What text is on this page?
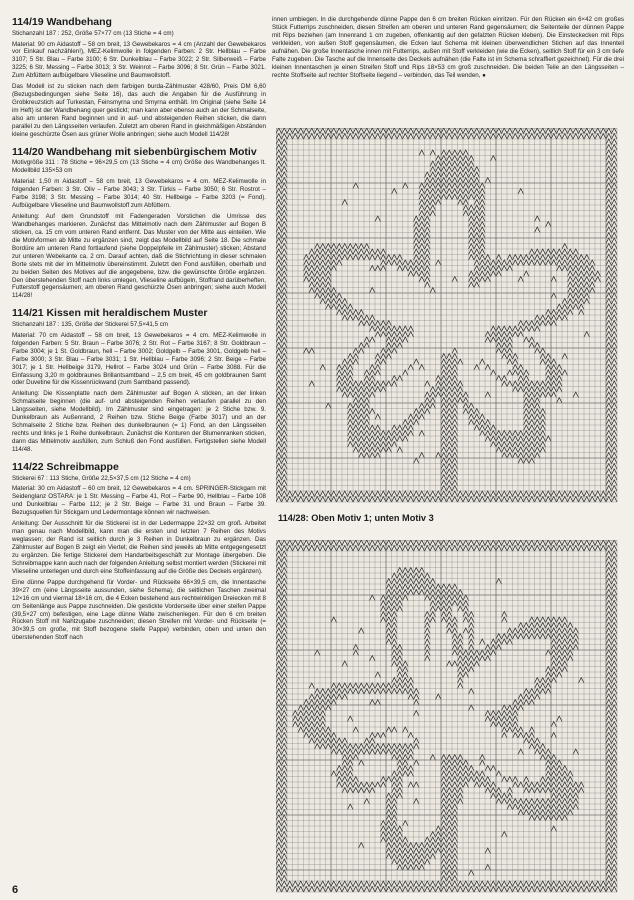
114/19 Wandbehang

Stichanzahl 187 : 252, Größe 57×77 cm (13 Stiche = 4 cm)

Material: 90 cm Aidastoff – 58 cm breit, 13 Gewebekaros = 4 cm (Anzahl der Gewebekaros vor Einkauf nachzählen!), MEZ-Kelimwolle in folgenden Farben: 2 Str. Hellblau – Farbe 3107; 5 Str. Blau – Farbe 3100; 6 Str. Dunkelblau – Farbe 3022; 2 Str. Silberweiß – Farbe 3225; 6 Str. Messing – Farbe 3013; 3 Str. Weinrot – Farbe 3096; 8 Str. Grün – Farbe 3021. Zum Abfüttern aufbügelbare Vlieseline und Baumwollstoff.

Das Modell ist zu sticken nach dem farbigen burda-Zählmuster 428/60, Preis DM 6,60 (Bezugsbedingungen siehe Seite 16), das auch die Angaben für die Ausführung in Grobkreuzstich auf Turkestan, Feinsmyrna und Smyrna enthält. Im Original (siehe Seite 14 im Heft) ist der Wandbehang quer gestickt; man kann aber ebenso auch an der Schmalseite, also am unteren Rand beginnen und in auf- und absteigenden Reihen sticken, die dann parallel zu den Längsseiten verlaufen. Zuletzt am oberen Rand in gleichmäßigen Abständen kleine geschürzte Ösen aus grüner Wolle anbringen; siehe auch Modell 114/28!

114/20 Wandbehang mit siebenbürgischem Motiv

Motivgröße 311 : 78 Stiche = 96×29,5 cm (13 Stiche = 4 cm) Größe des Wandbehanges lt. Modellbild 135×53 cm

Material: 1,50 m Aidastoff – 58 cm breit, 13 Gewebekaros = 4 cm. MEZ-Kelimwolle in folgenden Farben: 3 Str. Oliv – Farbe 3043; 3 Str. Türkis – Farbe 3050; 6 Str. Rostrot – Farbe 3198; 3 Str. Messing – Farbe 3014; 40 Str. Hellbeige – Farbe 3203 (= Fond). Aufbügelbare Vlieseline und Baumwollstoff zum Abfüttern.

Anleitung: Auf dem Grundstoff mit Fadengeraden Vorstichen die Umrisse des Wandbehanges markieren. Zunächst das Mittelmotiv nach dem Zählmuster auf Bogen B sticken, ca. 15 cm vom unteren Rand entfernt. Das Muster von der Mitte aus einteilen. Wie die Motivformen ab Mitte zu ergänzen sind, zeigt das Modellbild auf Seite 18. Die schmale Bordüre am unteren Rand fortlaufend (siehe Doppelpfeile im Zählmuster) sticken; Abstand zur unteren Webekante ca. 2 cm. Darauf achten, daß die Stichrichtung in dieser schmalen Borte stets mit der im Mittelmotiv übereinstimmt. Zuletzt den Fond ausfüllen, oberhalb und zu beiden Seiten des Motives auf die angegebene, bzw. die gewünschte Größe ergänzen. Den überstehenden Stoff nach links umlegen, Vlieseline aufbügeln, Stoffrand darüberheften, Futterstoff gegensäumen; am oberen Rand geschürzte Ösen anbringen; siehe auch Modell 114/28!

114/21 Kissen mit heraldischem Muster

Stichanzahl 187 : 135, Größe der Stickerei 57,5×41,5 cm

Material: 70 cm Aidastoff – 58 cm breit, 13 Gewebekaros = 4 cm. MEZ-Kelimwolle in folgenden Farben: 5 Str. Braun – Farbe 3076; 2 Str. Rot – Farbe 3167; 8 Str. Goldbraun – Farbe 3004; je 1 St. Goldbraun, hell – Farbe 3002; Goldgelb – Farbe 3001, Goldgelb hell – Farbe 3000; 3 Str. Blau – Farbe 3031; 1 Str. Hellblau – Farbe 3096; 2 Str. Beige – Farbe 3017; je 1 Str. Hellbeige 3179, Hellrot – Farbe 3024 und Grün – Farbe 3088. Für die Einfassung 3,20 m goldbraunes Brillantsamtband – 2,5 cm breit, 45 cm goldbraunen Samt oder Duvetine für die Kissenrückwand (zum Samtband passend).

Anleitung: Die Kissenplatte nach dem Zählmuster auf Bogen A sticken, an der linken Schmalseite beginnen (die auf- und absteigenden Reihen verlaufen parallel zu den Längsseiten, siehe Modellbild). Im Zählmuster sind eingetragen: je 2 Stiche bzw. 9. Dunkelbraun als Außenrand, 2 Reihen bzw. Stiche Beige (Farbe 3017) und an der Schmalseite 2 Stiche bzw. Reihen des dunkelbraunen (= 1) Fond, an den Längsseiten rechts und links je 1 Reihe dunkelbraun. Zunächst die Konturen der Blumenranken sticken, dann das Mittelmotiv ausfüllen, zum Schluß den Fond ausfüllen. Fertigstellen siehe Modell 114/48.

114/22 Schreibmappe

Stickerei 67 : 113 Stiche, Größe 22,5×37,5 cm (12 Stiche = 4 cm)

Material: 30 cm Aidastoff – 60 cm breit, 12 Gewebekaros = 4 cm. SPRINGER-Stickgarn mit Seidenglanz OSTARA: je 1 Str. Messing – Farbe 41, Rot – Farbe 90, Hellblau – Farbe 108 und Dunkelblau – Farbe 112; je 2 Str. Beige – Farbe 31 und Braun – Farbe 39. Bezugsquellen für Stickgarn und Ledermontage können wir nachweisen.

Anleitung: Der Ausschnitt für die Stickerei ist in der Ledermappe 22×32 cm groß. Arbeitet man genau nach Modellbild, kann man die ersten und letzten 7 Reihen des Motivs weglassen; der Rand ist seitlich durch je 3 Reihen in Dunkelbraun zu ergänzen. Das Zählmuster auf Bogen B zeigt ein Viertel; die Reihen sind jeweils ab Mitte entgegengesetzt zu ergänzen. Die fertige Stickerei dem Handarbeitsgeschäft zur Montage übergeben. Die Schreibmappe kann auch nach der folgenden Anleitung selbst montiert werden (Stickerei mit Vlieseline unterlegen und durch eine Stoffeinfassung auf die Größe des Deckels ergänzen).

Eine dünne Pappe durchgehend für Vorder- und Rückseite 66×39,5 cm, die Innentasche 39×27 cm (eine Längsseite aussunden, siehe Schema), die seitlichen Taschen zweimal 12×16 cm und viermal 18×16 cm, die 4 Ecken bestehend aus rechtwinkligen Dreiecken mit 8 cm Seitenlänge aus Pappe zuschneiden. Die gestickte Vorderseite über einer steifen Pappe (39,5×27 cm) befestigen, eine Lage dünne Watte zwischenlegen. Für den 6 cm breiten Rücken Stoff mit Nahtzugabe zuschneiden; diesen Streifen mit Vorder- und Rückseite (= 30×39,5 cm große, mit Stoff bezogene steife Pappe) verbinden, oben und unten den überstehenden Stoff nach

innen umbiegen. In die durchgehende dünne Pappe den 6 cm breiten Rücken einritzen. Für den Rücken ein 6×42 cm großes Stück Futterrips zuschneiden, diesen Streifen am oberen und unteren Rand gegensäumen; die Seitenteile der dünnen Pappe mit Rips beziehen (am Innenrand 1 cm zugeben, offenkantig auf den gefalzten Rücken kleben). Die Einsteckecken mit Rips verkleiden, von außen Stoff gegensäumen, die Ecken laut Schema mit kleinen überwendlichen Stichen auf das Innenteil aufnähen. Die große Innentasche innen mit Futterrips, außen mit Stoff verkleiden (wie die Ecken), seitlich Stoff für ein 3 cm tiefe Falte zugeben. Die Tasche auf die Innenseite des Deckels aufnähen (die Falte ist im Schema schraffiert gezeichnet). Für die drei kleinen Innentaschen je einen Streifen Stoff und Rips 18×53 cm groß zuschneiden. Die beiden Teile an den Längsseiten – rechte Stoffseite auf rechter Stoffseite liegend – verbinden, das Teil wenden, ●

114/28: Oben Motiv 1; unten Motiv 3
6
